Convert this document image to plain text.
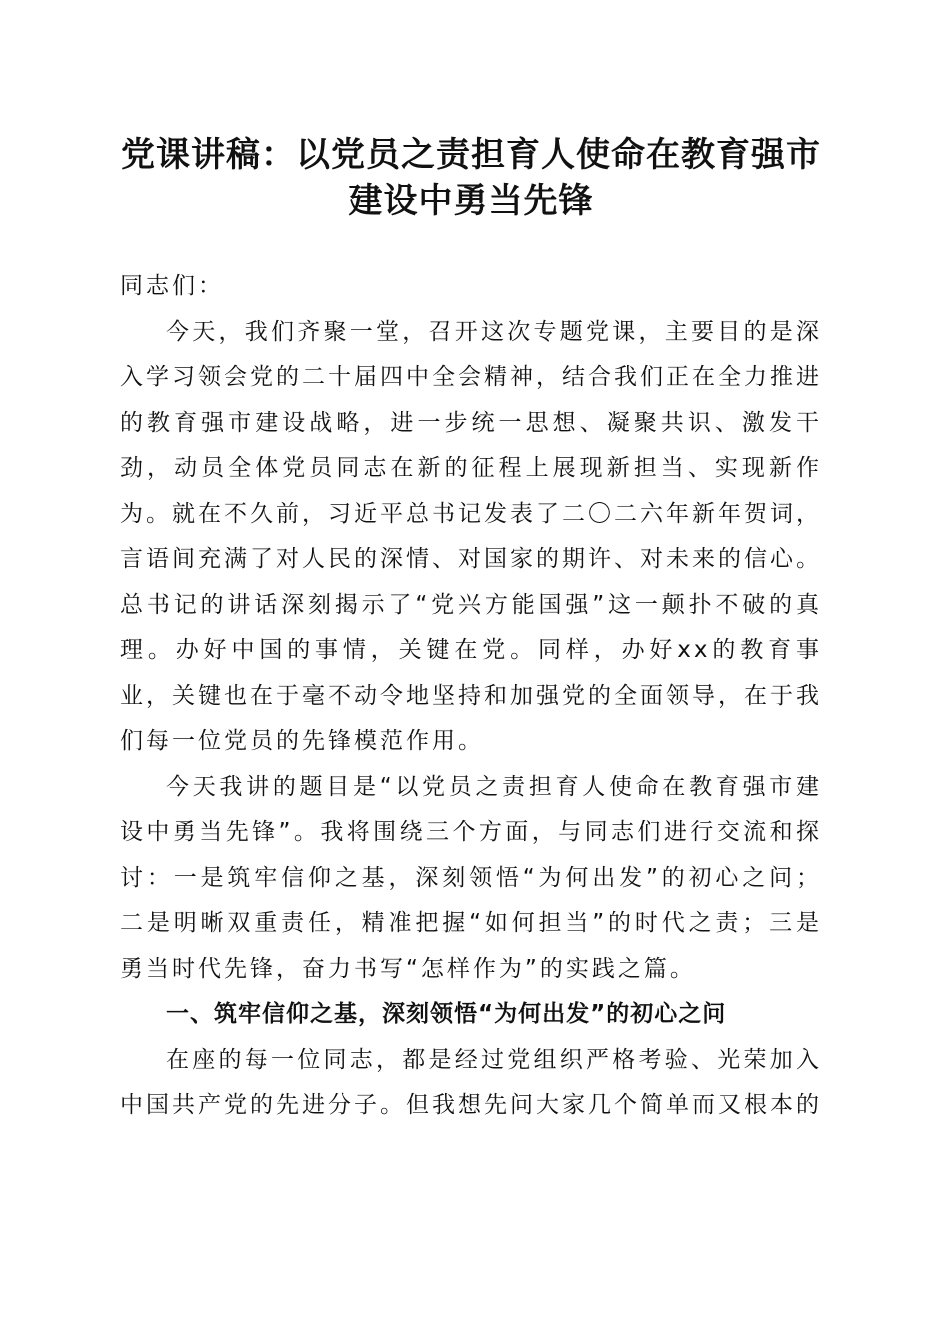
党课讲稿：以党员之责担育人使命在教育强市
建设中勇当先锋

同志们：

今天，我们齐聚一堂，召开这次专题党课，主要目的是深入学习领会党的二十届四中全会精神，结合我们正在全力推进的教育强市建设战略，进一步统一思想、凝聚共识、激发干劲，动员全体党员同志在新的征程上展现新担当、实现新作为。就在不久前，习近平总书记发表了二〇二六年新年贺词，言语间充满了对人民的深情、对国家的期许、对未来的信心。总书记的讲话深刻揭示了“党兴方能国强”这一颠扑不破的真理。办好中国的事情，关键在党。同样，办好xx的教育事业，关键也在于毫不动令地坚持和加强党的全面领导，在于我们每一位党员的先锋模范作用。

今天我讲的题目是“以党员之责担育人使命在教育强市建设中勇当先锋”。我将围绕三个方面，与同志们进行交流和探讨：一是筑牢信仰之基，深刻领悟“为何出发”的初心之问；二是明晰双重责任，精准把握“如何担当”的时代之责；三是勇当时代先锋，奋力书写“怎样作为”的实践之篇。

一、筑牢信仰之基，深刻领悟“为何出发”的初心之问

在座的每一位同志，都是经过党组织严格考验、光荣加入中国共产党的先进分子。但我想先问大家几个简单而又根本的
